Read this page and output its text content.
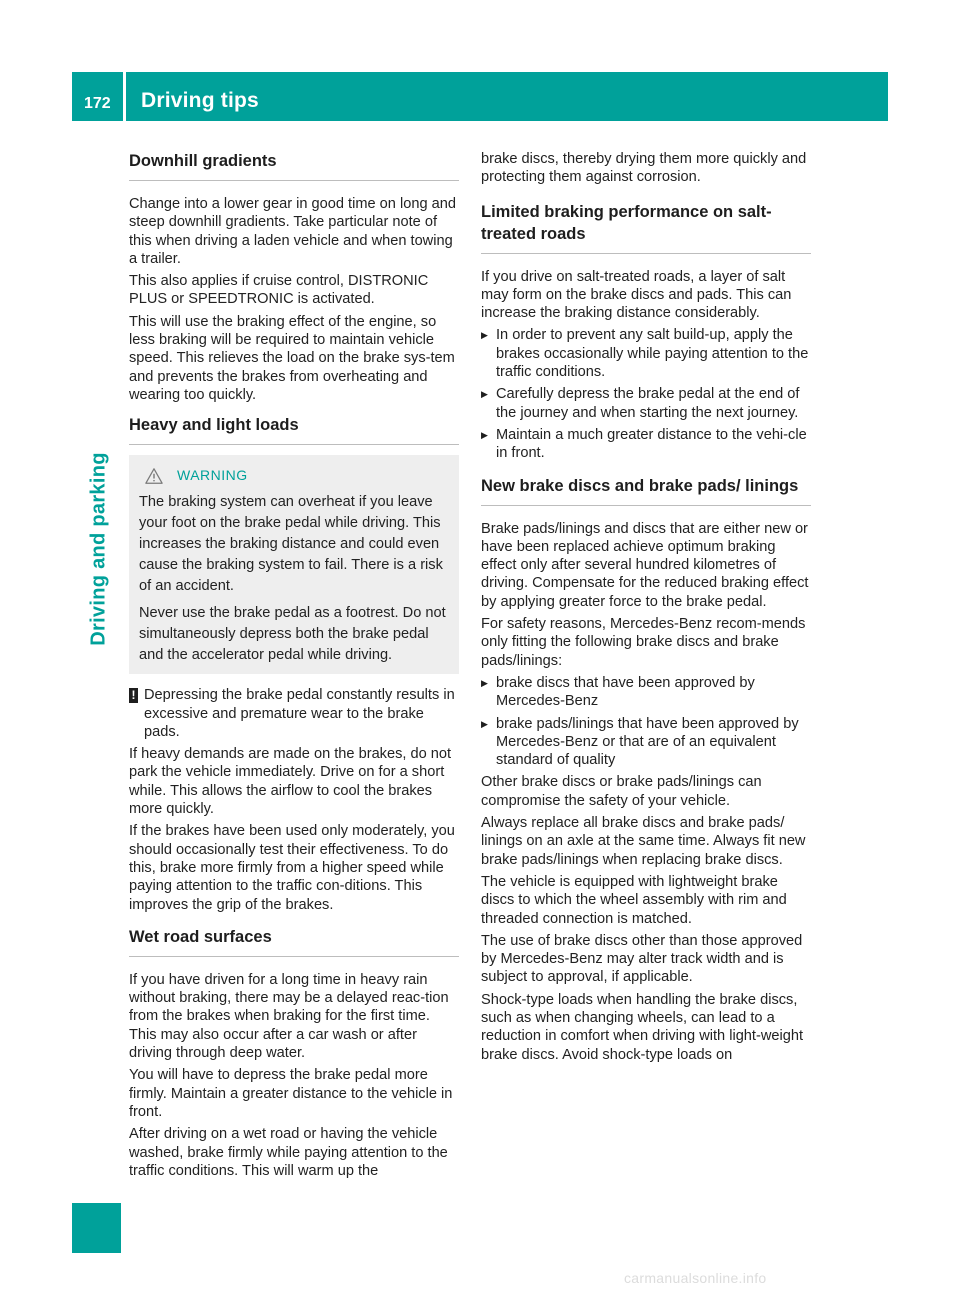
172 Driving tips
Driving and parking
Downhill gradients
Change into a lower gear in good time on long and steep downhill gradients. Take particular note of this when driving a laden vehicle and when towing a trailer.
This also applies if cruise control, DISTRONIC PLUS or SPEEDTRONIC is activated.
This will use the braking effect of the engine, so less braking will be required to maintain vehicle speed. This relieves the load on the brake sys-tem and prevents the brakes from overheating and wearing too quickly.
Heavy and light loads
WARNING
The braking system can overheat if you leave your foot on the brake pedal while driving. This increases the braking distance and could even cause the braking system to fail. There is a risk of an accident.
Never use the brake pedal as a footrest. Do not simultaneously depress both the brake pedal and the accelerator pedal while driving.
! Depressing the brake pedal constantly results in excessive and premature wear to the brake pads.
If heavy demands are made on the brakes, do not park the vehicle immediately. Drive on for a short while. This allows the airflow to cool the brakes more quickly.
If the brakes have been used only moderately, you should occasionally test their effectiveness. To do this, brake more firmly from a higher speed while paying attention to the traffic con-ditions. This improves the grip of the brakes.
Wet road surfaces
If you have driven for a long time in heavy rain without braking, there may be a delayed reac-tion from the brakes when braking for the first time. This may also occur after a car wash or after driving through deep water.
You will have to depress the brake pedal more firmly. Maintain a greater distance to the vehicle in front.
After driving on a wet road or having the vehicle washed, brake firmly while paying attention to the traffic conditions. This will warm up the
brake discs, thereby drying them more quickly and protecting them against corrosion.
Limited braking performance on salt-treated roads
If you drive on salt-treated roads, a layer of salt may form on the brake discs and pads. This can increase the braking distance considerably.
▶ In order to prevent any salt build-up, apply the brakes occasionally while paying attention to the traffic conditions.
▶ Carefully depress the brake pedal at the end of the journey and when starting the next journey.
▶ Maintain a much greater distance to the vehi-cle in front.
New brake discs and brake pads/ linings
Brake pads/linings and discs that are either new or have been replaced achieve optimum braking effect only after several hundred kilometres of driving. Compensate for the reduced braking effect by applying greater force to the brake pedal.
For safety reasons, Mercedes-Benz recom-mends only fitting the following brake discs and brake pads/linings:
▶ brake discs that have been approved by Mercedes-Benz
▶ brake pads/linings that have been approved by Mercedes-Benz or that are of an equivalent standard of quality
Other brake discs or brake pads/linings can compromise the safety of your vehicle.
Always replace all brake discs and brake pads/ linings on an axle at the same time. Always fit new brake pads/linings when replacing brake discs.
The vehicle is equipped with lightweight brake discs to which the wheel assembly with rim and threaded connection is matched.
The use of brake discs other than those approved by Mercedes-Benz may alter track width and is subject to approval, if applicable.
Shock-type loads when handling the brake discs, such as when changing wheels, can lead to a reduction in comfort when driving with light-weight brake discs. Avoid shock-type loads on
carmanualsonline.info
